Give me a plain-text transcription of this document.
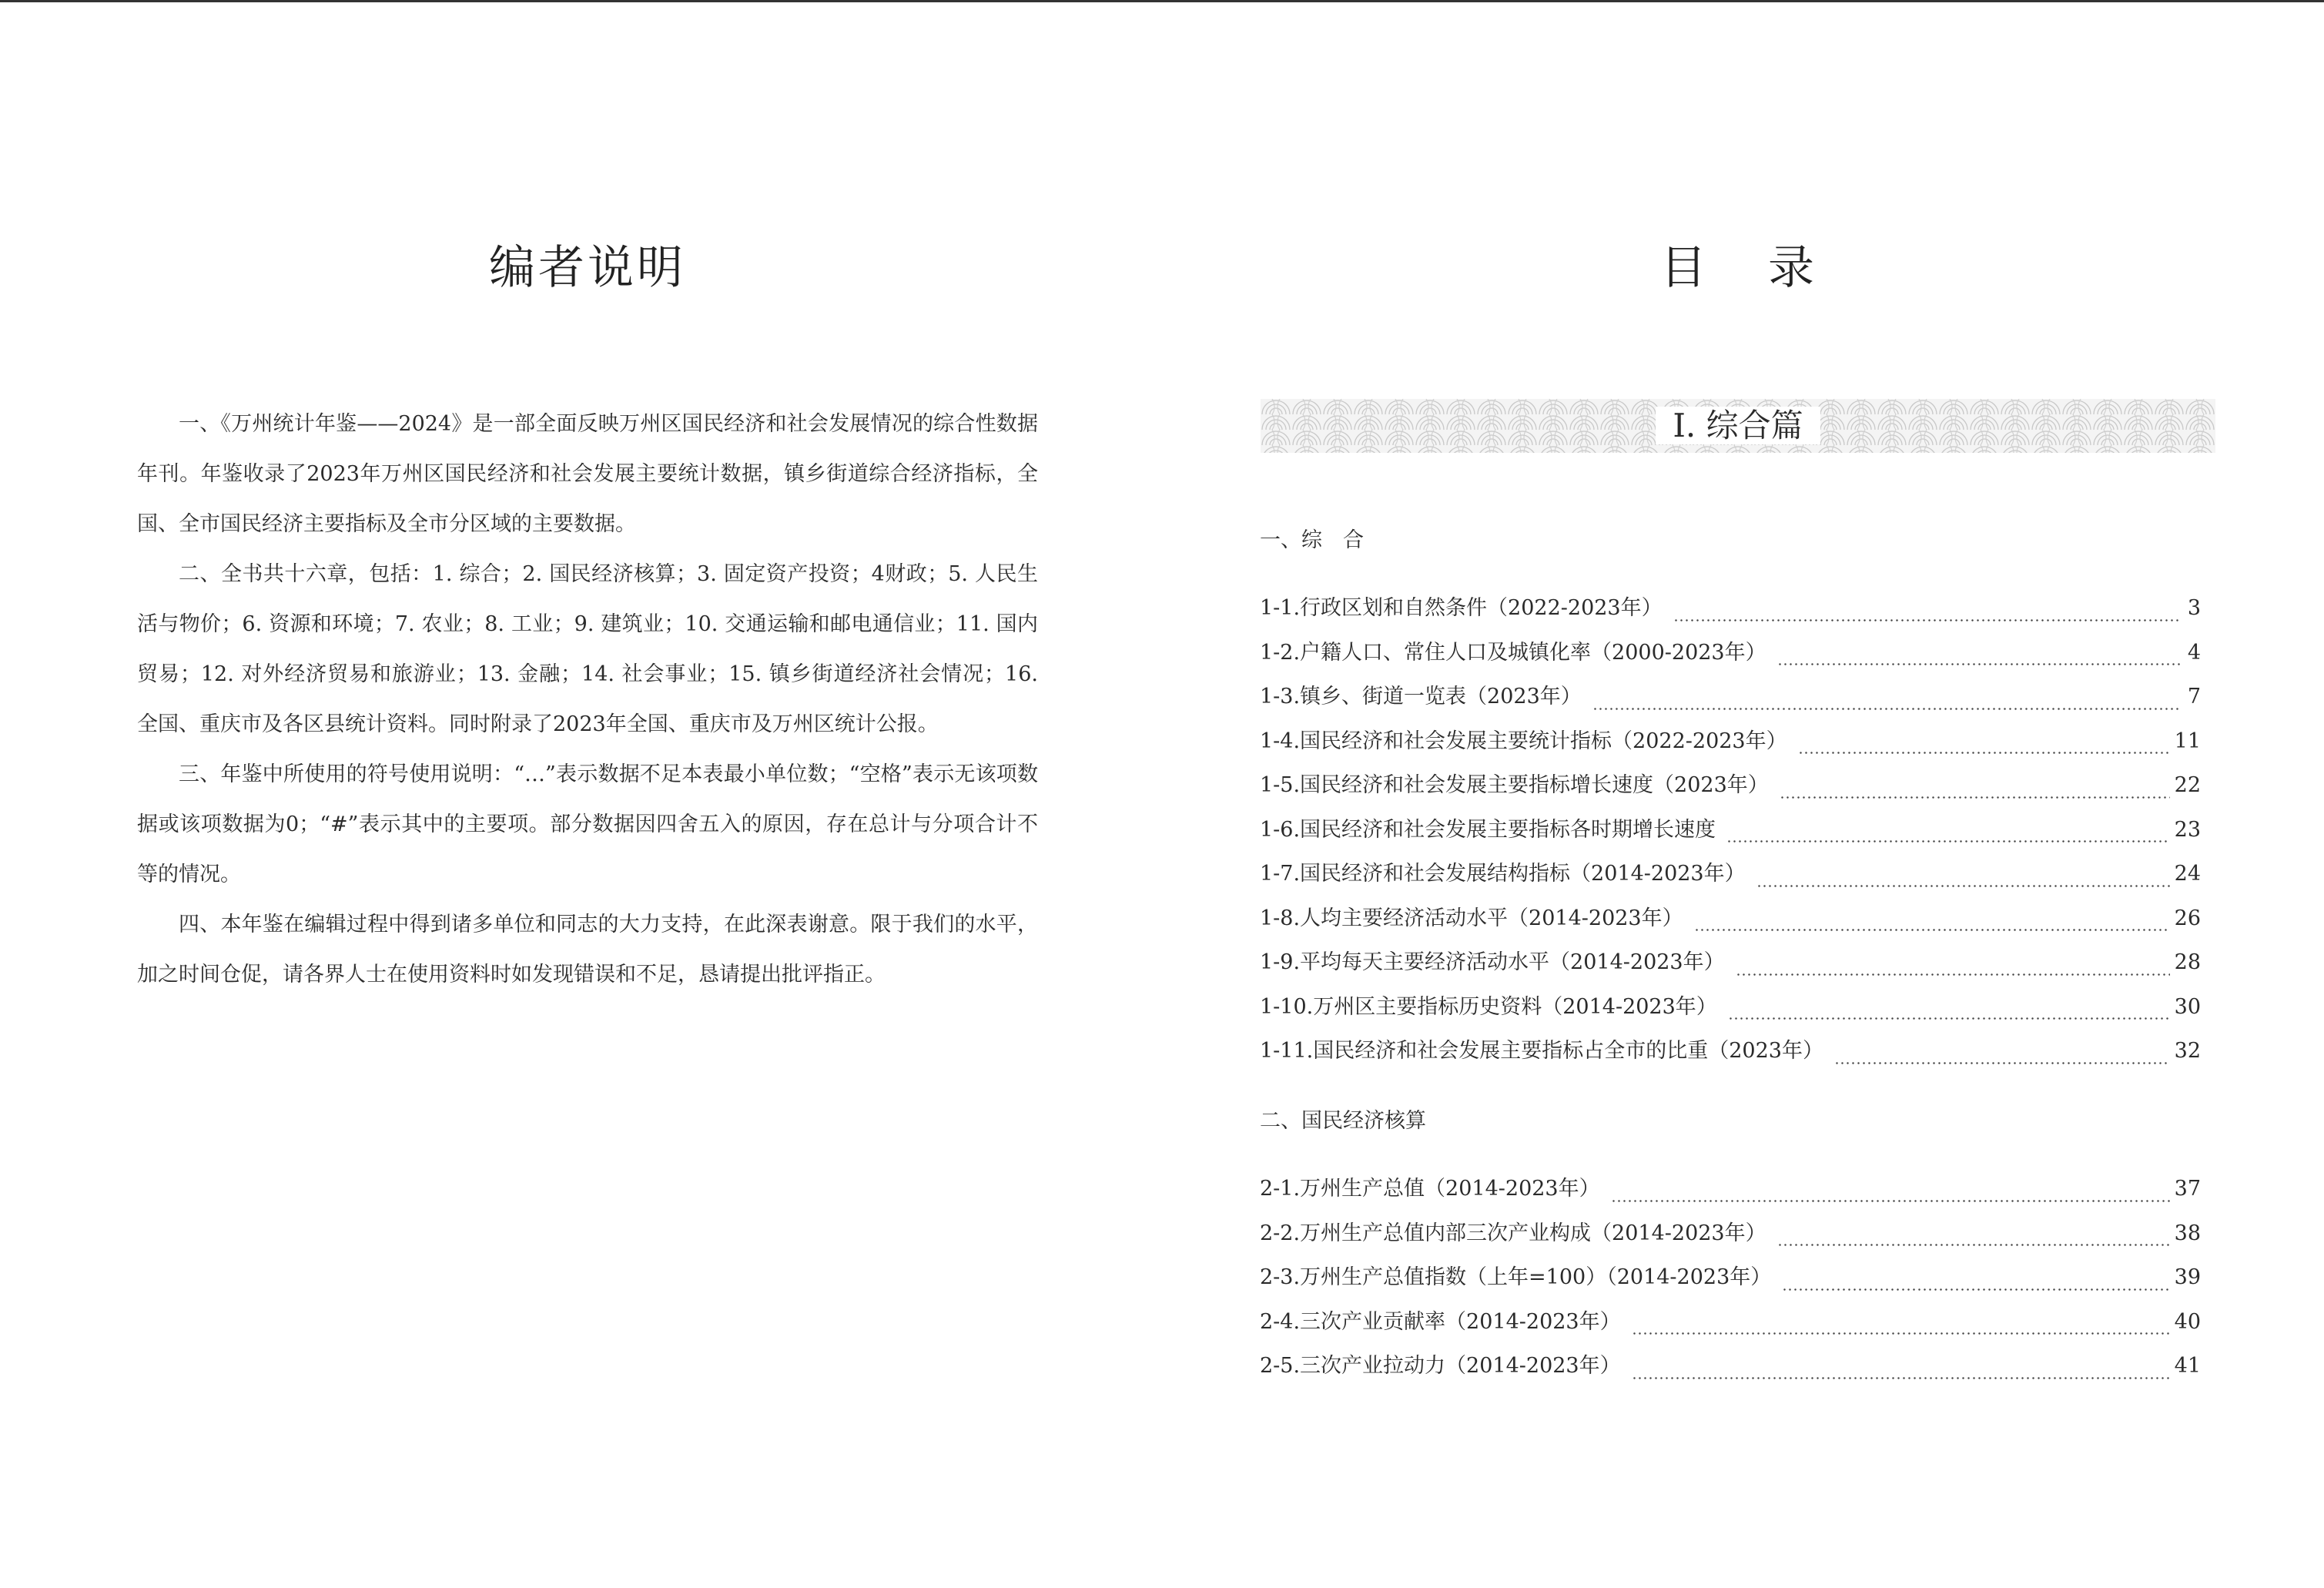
编者说明

一、《万州统计年鉴——2024》是一部全面反映万州区国民经济和社会发展情况的综合性数据年刊。年鉴收录了2023年万州区国民经济和社会发展主要统计数据，镇乡街道综合经济指标，全国、全市国民经济主要指标及全市分区域的主要数据。

二、全书共十六章，包括：1. 综合；2. 国民经济核算；3. 固定资产投资；4财政；5. 人民生活与物价；6. 资源和环境；7. 农业；8. 工业；9. 建筑业；10. 交通运输和邮电通信业；11. 国内贸易；12. 对外经济贸易和旅游业；13. 金融；14. 社会事业；15. 镇乡街道经济社会情况；16. 全国、重庆市及各区县统计资料。同时附录了2023年全国、重庆市及万州区统计公报。

三、年鉴中所使用的符号使用说明：“…”表示数据不足本表最小单位数；“空格”表示无该项数据或该项数据为0；“#”表示其中的主要项。部分数据因四舍五入的原因，存在总计与分项合计不等的情况。

四、本年鉴在编辑过程中得到诸多单位和同志的大力支持，在此深表谢意。限于我们的水平，加之时间仓促，请各界人士在使用资料时如发现错误和不足，恳请提出批评指正。

目 录
I. 综合篇
一、综　合
1-1.行政区划和自然条件（2022-2023年）	3
1-2.户籍人口、常住人口及城镇化率（2000-2023年）	4
1-3.镇乡、街道一览表（2023年）	7
1-4.国民经济和社会发展主要统计指标（2022-2023年）	11
1-5.国民经济和社会发展主要指标增长速度（2023年）	22
1-6.国民经济和社会发展主要指标各时期增长速度	23
1-7.国民经济和社会发展结构指标（2014-2023年）	24
1-8.人均主要经济活动水平（2014-2023年）	26
1-9.平均每天主要经济活动水平（2014-2023年）	28
1-10.万州区主要指标历史资料（2014-2023年）	30
1-11.国民经济和社会发展主要指标占全市的比重（2023年）	32
二、国民经济核算
2-1.万州生产总值（2014-2023年）	37
2-2.万州生产总值内部三次产业构成（2014-2023年）	38
2-3.万州生产总值指数（上年=100）（2014-2023年）	39
2-4.三次产业贡献率（2014-2023年）	40
2-5.三次产业拉动力（2014-2023年）	41
